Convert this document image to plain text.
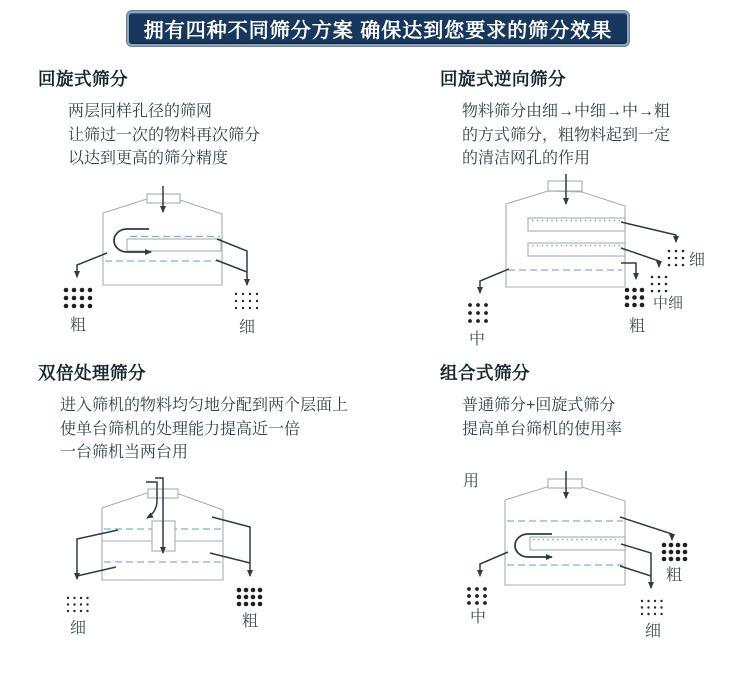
拥有四种不同筛分方案 确保达到您要求的筛分效果
回旋式筛分	回旋式逆向筛分
双倍处理筛分	组合式筛分
两层同样孔径的筛网
让筛过一次的物料再次筛分
以达到更高的筛分精度
物料筛分由细→中细→中→粗
的方式筛分，粗物料起到一定
的清洁网孔的作用
进入筛机的物料均匀地分配到两个层面上
使单台筛机的处理能力提高近一倍
一台筛机当两台用
普通筛分+回旋式筛分
提高单台筛机的使用率
粗	细
细
中细
粗
中
细	粗
用
粗
细
中
